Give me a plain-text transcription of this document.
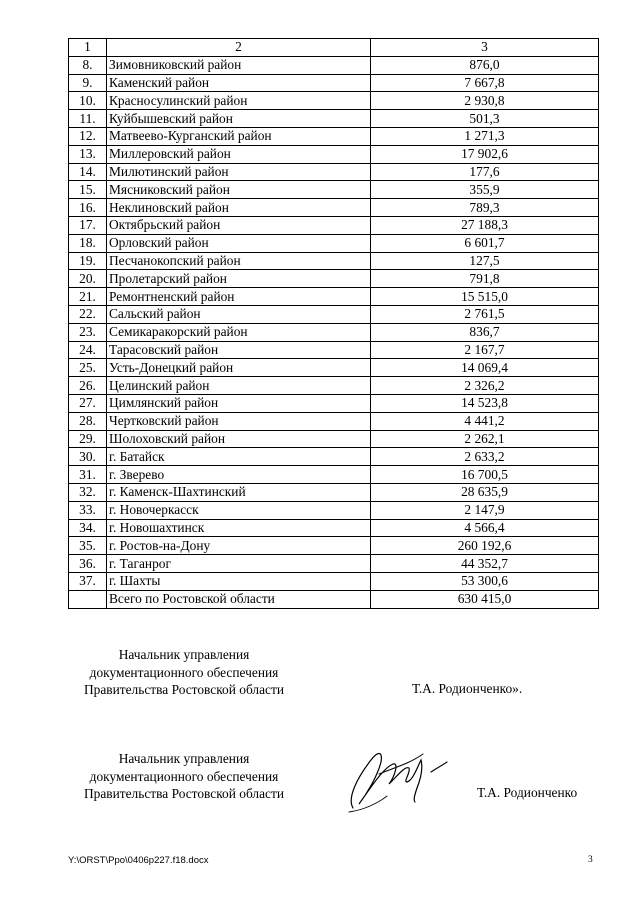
1	2	3
8.	Зимовниковский район	876,0
9.	Каменский район	7 667,8
10.	Красносулинский район	2 930,8
11.	Куйбышевский район	501,3
12.	Матвеево-Курганский район	1 271,3
13.	Миллеровский район	17 902,6
14.	Милютинский район	177,6
15.	Мясниковский район	355,9
16.	Неклиновский район	789,3
17.	Октябрьский район	27 188,3
18.	Орловский район	6 601,7
19.	Песчанокопский район	127,5
20.	Пролетарский район	791,8
21.	Ремонтненский район	15 515,0
22.	Сальский район	2 761,5
23.	Семикаракорский район	836,7
24.	Тарасовский район	2 167,7
25.	Усть-Донецкий район	14 069,4
26.	Целинский район	2 326,2
27.	Цимлянский район	14 523,8
28.	Чертковский район	4 441,2
29.	Шолоховский район	2 262,1
30.	г. Батайск	2 633,2
31.	г. Зверево	16 700,5
32.	г. Каменск-Шахтинский	28 635,9
33.	г. Новочеркасск	2 147,9
34.	г. Новошахтинск	4 566,4
35.	г. Ростов-на-Дону	260 192,6
36.	г. Таганрог	44 352,7
37.	г. Шахты	53 300,6
	Всего по Ростовской области	630 415,0
Начальник управления
документационного обеспечения
Правительства Ростовской области	Т.А. Родионченко».
Начальник управления
документационного обеспечения
Правительства Ростовской области	Т.А. Родионченко
Y:\ORST\Ppo\0406p227.f18.docx	3
